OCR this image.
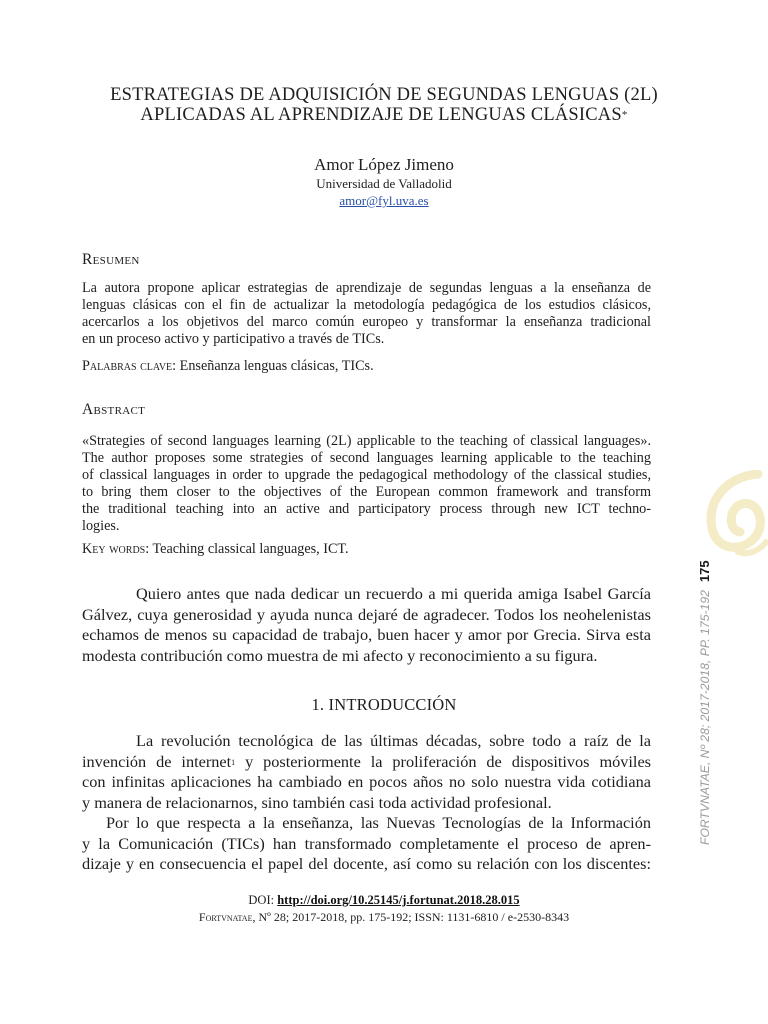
ESTRATEGIAS DE ADQUISICIÓN DE SEGUNDAS LENGUAS (2L)
APLICADAS AL APRENDIZAJE DE LENGUAS CLÁSICAS*
Amor López Jimeno
Universidad de Valladolid
amor@fyl.uva.es
Resumen
La autora propone aplicar estrategias de aprendizaje de segundas lenguas a la enseñanza de
lenguas clásicas con el fin de actualizar la metodología pedagógica de los estudios clásicos,
acercarlos a los objetivos del marco común europeo y transformar la enseñanza tradicional
en un proceso activo y participativo a través de TICs.
Palabras clave: Enseñanza lenguas clásicas, TICs.
Abstract
«Strategies of second languages learning (2L) applicable to the teaching of classical languages».
The author proposes some strategies of second languages learning applicable to the teaching
of classical languages in order to upgrade the pedagogical methodology of the classical studies,
to bring them closer to the objectives of the European common framework and transform
the traditional teaching into an active and participatory process through new ICT techno-
logies.
Key words: Teaching classical languages, ICT.
Quiero antes que nada dedicar un recuerdo a mi querida amiga Isabel García
Gálvez, cuya generosidad y ayuda nunca dejaré de agradecer. Todos los neohelenistas
echamos de menos su capacidad de trabajo, buen hacer y amor por Grecia. Sirva esta
modesta contribución como muestra de mi afecto y reconocimiento a su figura.
1. INTRODUCCIÓN
La revolución tecnológica de las últimas décadas, sobre todo a raíz de la
invención de internet$^1$ y posteriormente la proliferación de dispositivos móviles
con infinitas aplicaciones ha cambiado en pocos años no solo nuestra vida cotidiana
y manera de relacionarnos, sino también casi toda actividad profesional.
Por lo que respecta a la enseñanza, las Nuevas Tecnologías de la Información
y la Comunicación (TICs) han transformado completamente el proceso de apren-
dizaje y en consecuencia el papel del docente, así como su relación con los discentes:
DOI: http://doi.org/10.25145/j.fortunat.2018.28.015
Fortvnatae, Nº 28; 2017-2018, pp. 175-192; ISSN: 1131-6810 / e-2530-8343
FORTVNATAE, Nº 28; 2017-2018, PP. 175-192175
